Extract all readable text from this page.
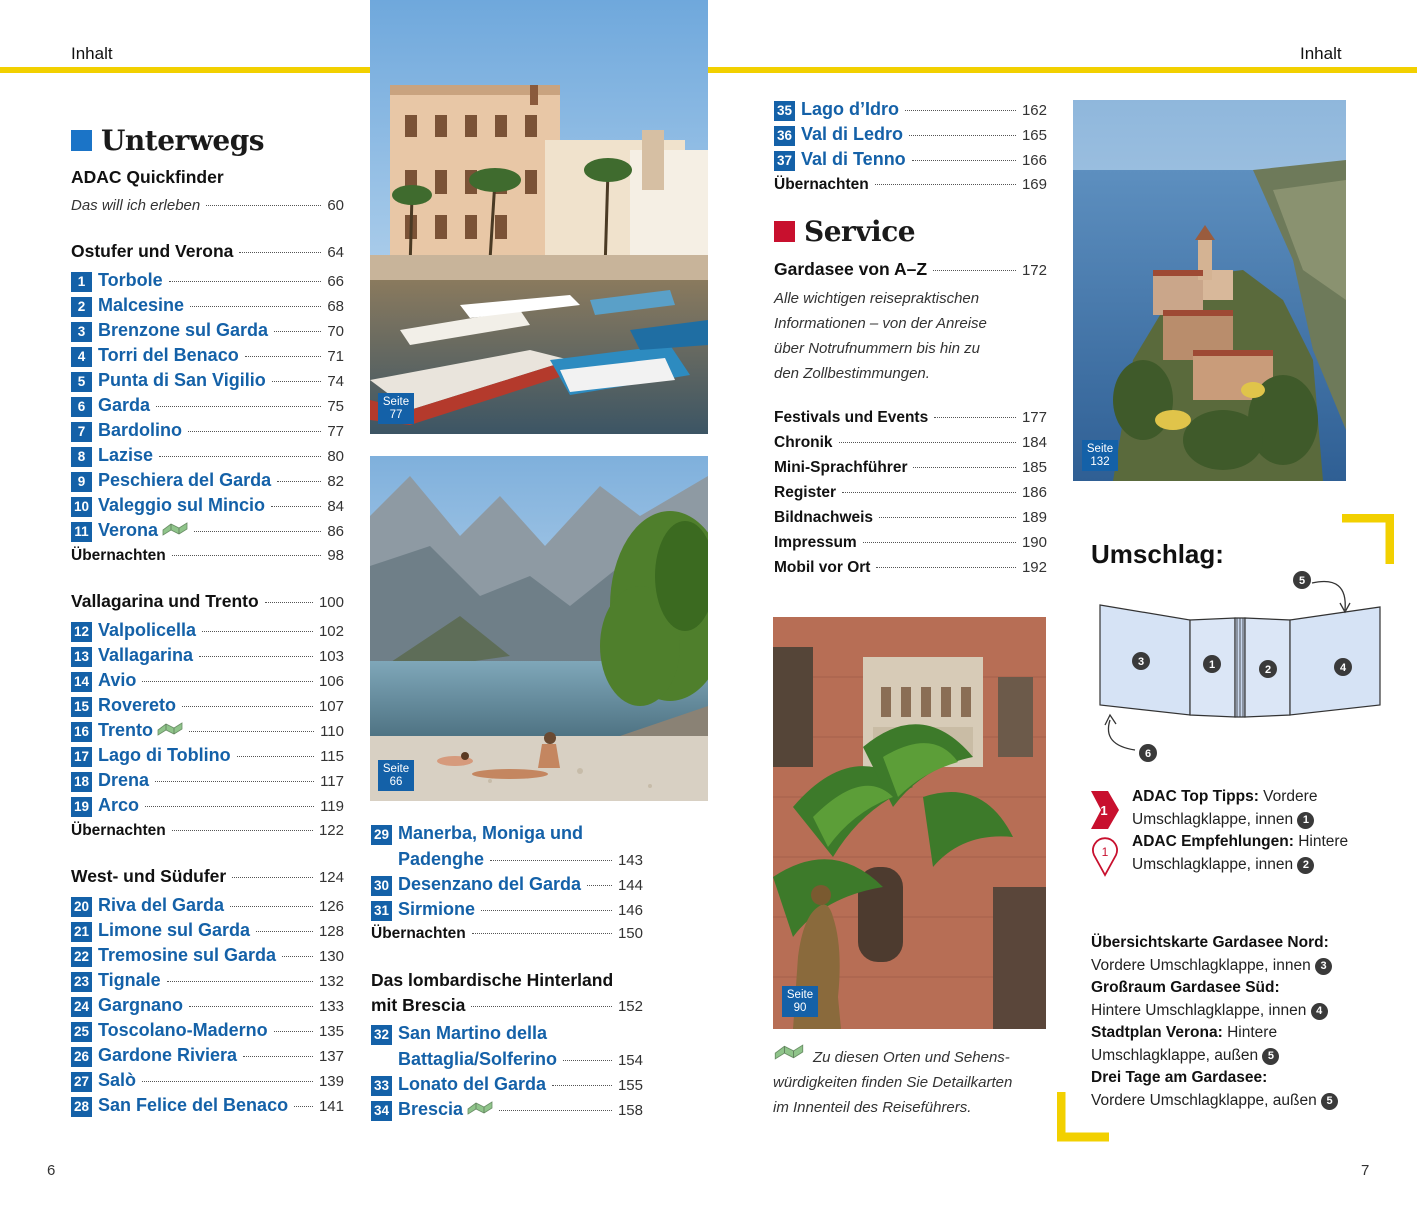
Inhalt	Inhalt
Unterwegs
ADAC Quickfinder
Das will ich erleben	60
Ostufer und Verona	64
1 Torbole	66
2 Malcesine	68
3 Brenzone sul Garda	70
4 Torri del Benaco	71
5 Punta di San Vigilio	74
6 Garda	75
7 Bardolino	77
8 Lazise	80
9 Peschiera del Garda	82
10 Valeggio sul Mincio	84
11 Verona	86
Übernachten	98
Vallagarina und Trento	100
12 Valpolicella	102
13 Vallagarina	103
14 Avio	106
15 Rovereto	107
16 Trento	110
17 Lago di Toblino	115
18 Drena	117
19 Arco	119
Übernachten	122
West- und Südufer	124
20 Riva del Garda	126
21 Limone sul Garda	128
22 Tremosine sul Garda	130
23 Tignale	132
24 Gargnano	133
25 Toscolano-Maderno	135
26 Gardone Riviera	137
27 Salò	139
28 San Felice del Benaco 141
Seite
77
Seite
66
29 Manerba, Moniga und
Padenghe	143
30 Desenzano del Garda 144
31 Sirmione	146
Übernachten	150
Das lombardische Hinterland
mit Brescia	152
32 San Martino della
Battaglia/Solferino	154
33 Lonato del Garda	155
34 Brescia	158
35 Lago d’Idro	162
36 Val di Ledro	165
37 Val di Tenno	166
Übernachten	169
Service
Gardasee von A–Z	172
Alle wichtigen reisepraktischen
Informationen – von der Anreise
über Notrufnummern bis hin zu
den Zollbestimmungen.
Festivals und Events	177
Chronik	184
Mini-Sprachführer	185
Register	186
Bildnachweis	189
Impressum	190
Mobil vor Ort	192
Seite
90
Zu diesen Orten und Sehens-
würdigkeiten finden Sie Detailkarten
im Innenteil des Reiseführers.
Seite
132
Umschlag:
3	1	2	4
5
6
1
1
ADAC Top Tipps: Vordere
Umschlagklappe, innen 1
ADAC Empfehlungen: Hintere
Umschlagklappe, innen 2
Übersichtskarte Gardasee Nord:
Vordere Umschlagklappe, innen 3
Großraum Gardasee Süd:
Hintere Umschlagklappe, innen 4
Stadtplan Verona: Hintere
Umschlagklappe, außen 5
Drei Tage am Gardasee:
Vordere Umschlagklappe, außen 5
6	7
